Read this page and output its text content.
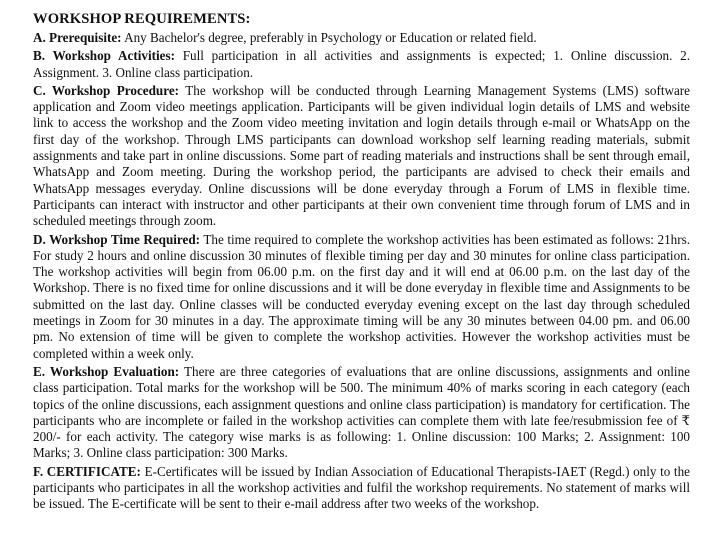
WORKSHOP REQUIREMENTS:
A. Prerequisite: Any Bachelor's degree, preferably in Psychology or Education or related field.
B. Workshop Activities: Full participation in all activities and assignments is expected; 1. Online discussion. 2. Assignment. 3. Online class participation.
C. Workshop Procedure: The workshop will be conducted through Learning Management Systems (LMS) software application and Zoom video meetings application. Participants will be given individual login details of LMS and website link to access the workshop and the Zoom video meeting invitation and login details through e-mail or WhatsApp on the first day of the workshop. Through LMS participants can download workshop self learning reading materials, submit assignments and take part in online discussions. Some part of reading materials and instructions shall be sent through email, WhatsApp and Zoom meeting. During the workshop period, the participants are advised to check their emails and WhatsApp messages everyday. Online discussions will be done everyday through a Forum of LMS in flexible time. Participants can interact with instructor and other participants at their own convenient time through forum of LMS and in scheduled meetings through zoom.
D. Workshop Time Required: The time required to complete the workshop activities has been estimated as follows: 21hrs. For study 2 hours and online discussion 30 minutes of flexible timing per day and 30 minutes for online class participation. The workshop activities will begin from 06.00 p.m. on the first day and it will end at 06.00 p.m. on the last day of the Workshop. There is no fixed time for online discussions and it will be done everyday in flexible time and Assignments to be submitted on the last day. Online classes will be conducted everyday evening except on the last day through scheduled meetings in Zoom for 30 minutes in a day. The approximate timing will be any 30 minutes between 04.00 pm. and 06.00 pm. No extension of time will be given to complete the workshop activities. However the workshop activities must be completed within a week only.
E. Workshop Evaluation: There are three categories of evaluations that are online discussions, assignments and online class participation. Total marks for the workshop will be 500. The minimum 40% of marks scoring in each category (each topics of the online discussions, each assignment questions and online class participation) is mandatory for certification. The participants who are incomplete or failed in the workshop activities can complete them with late fee/resubmission fee of ₹ 200/- for each activity. The category wise marks is as following: 1. Online discussion: 100 Marks; 2. Assignment: 100 Marks; 3. Online class participation: 300 Marks.
F. CERTIFICATE: E-Certificates will be issued by Indian Association of Educational Therapists-IAET (Regd.) only to the participants who participates in all the workshop activities and fulfil the workshop requirements. No statement of marks will be issued. The E-certificate will be sent to their e-mail address after two weeks of the workshop.
